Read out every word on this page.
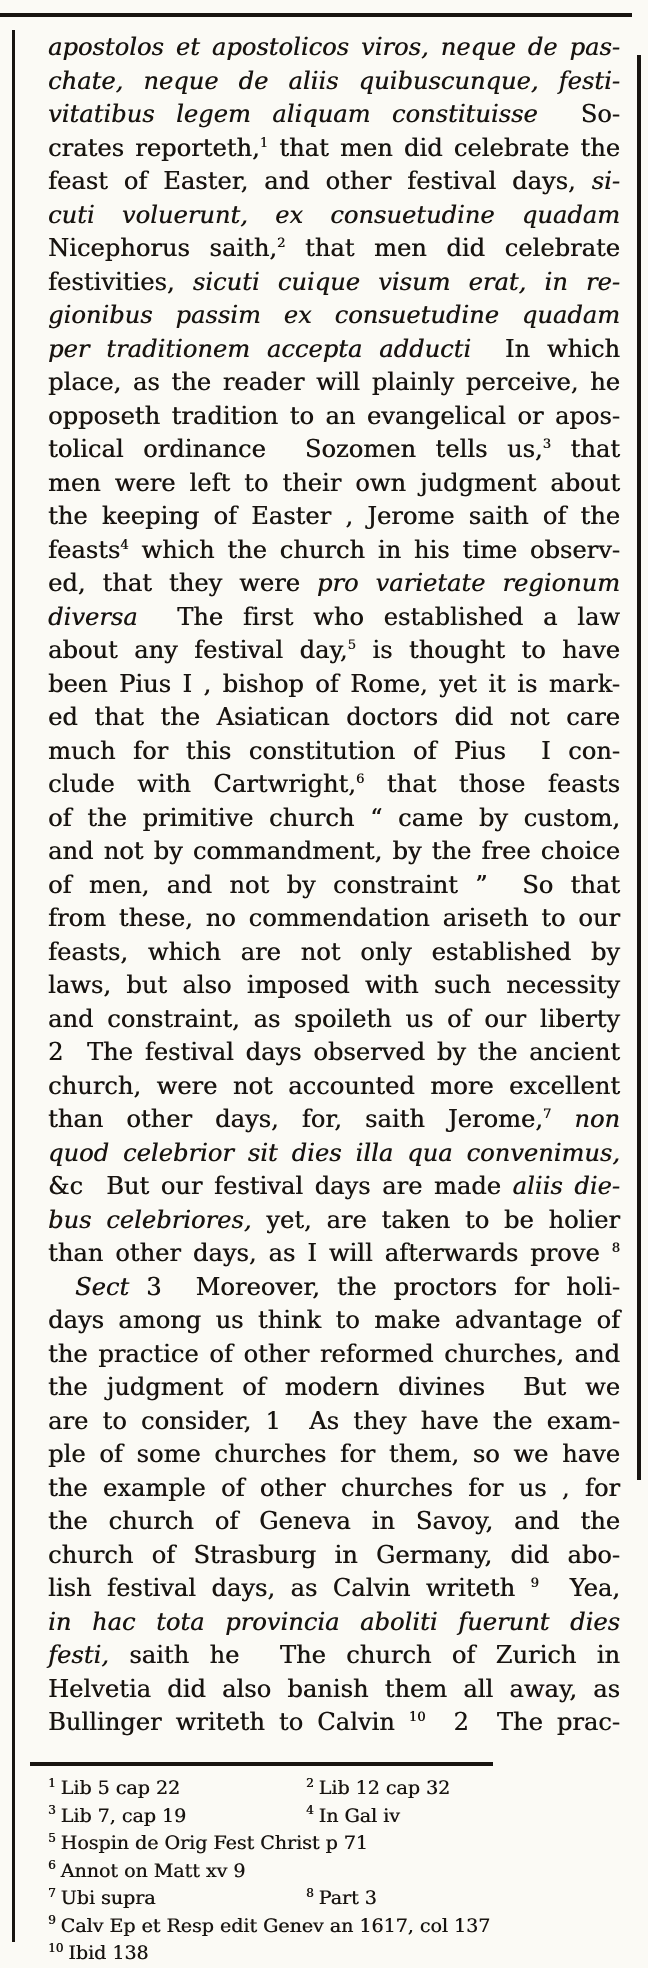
apostolos et apostolicos viros, neque de pas-
chate, neque de aliis quibuscunque, festi-
vitatibus legem aliquam constituisse  So-
crates reporteth,$^1$ that men did celebrate the
feast of Easter, and other festival days, si-
cuti voluerunt, ex consuetudine quadam
Nicephorus saith,$^2$ that men did celebrate
festivities, sicuti cuique visum erat, in re-
gionibus passim ex consuetudine quadam
per traditionem accepta adducti  In which
place, as the reader will plainly perceive, he
opposeth tradition to an evangelical or apos-
tolical ordinance  Sozomen tells us,$^3$ that
men were left to their own judgment about
the keeping of Easter , Jerome saith of the
feasts$^4$ which the church in his time observ-
ed, that they were pro varietate regionum
diversa  The first who established a law
about any festival day,$^5$ is thought to have
been Pius I , bishop of Rome, yet it is mark-
ed that the Asiatican doctors did not care
much for this constitution of Pius  I con-
clude with Cartwright,$^6$ that those feasts
of the primitive church “ came by custom,
and not by commandment, by the free choice
of men, and not by constraint ”  So that
from these, no commendation ariseth to our
feasts, which are not only established by
laws, but also imposed with such necessity
and constraint, as spoileth us of our liberty
2  The festival days observed by the ancient
church, were not accounted more excellent
than other days, for, saith Jerome,$^7$ non
quod celebrior sit dies illa qua convenimus,
&c  But our festival days are made aliis die-
bus celebriores, yet, are taken to be holier
than other days, as I will afterwards prove $^8$
Sect 3  Moreover, the proctors for holi-
days among us think to make advantage of
the practice of other reformed churches, and
the judgment of modern divines  But we
are to consider, 1  As they have the exam-
ple of some churches for them, so we have
the example of other churches for us , for
the church of Geneva in Savoy, and the
church of Strasburg in Germany, did abo-
lish festival days, as Calvin writeth $^9$  Yea,
in hac tota provincia aboliti fuerunt dies
festi, saith he  The church of Zurich in
Helvetia did also banish them all away, as
Bullinger writeth to Calvin $^{10}$  2  The prac-
$^1$ Lib 5 cap 22	$^2$ Lib 12 cap 32
$^3$ Lib 7, cap 19	$^4$ In Gal iv
$^5$ Hospin de Orig Fest Christ p 71
$^6$ Annot on Matt xv 9
$^7$ Ubi supra	$^8$ Part 3
$^9$ Calv Ep et Resp edit Genev an 1617, col 137
$^{10}$ Ibid 138
